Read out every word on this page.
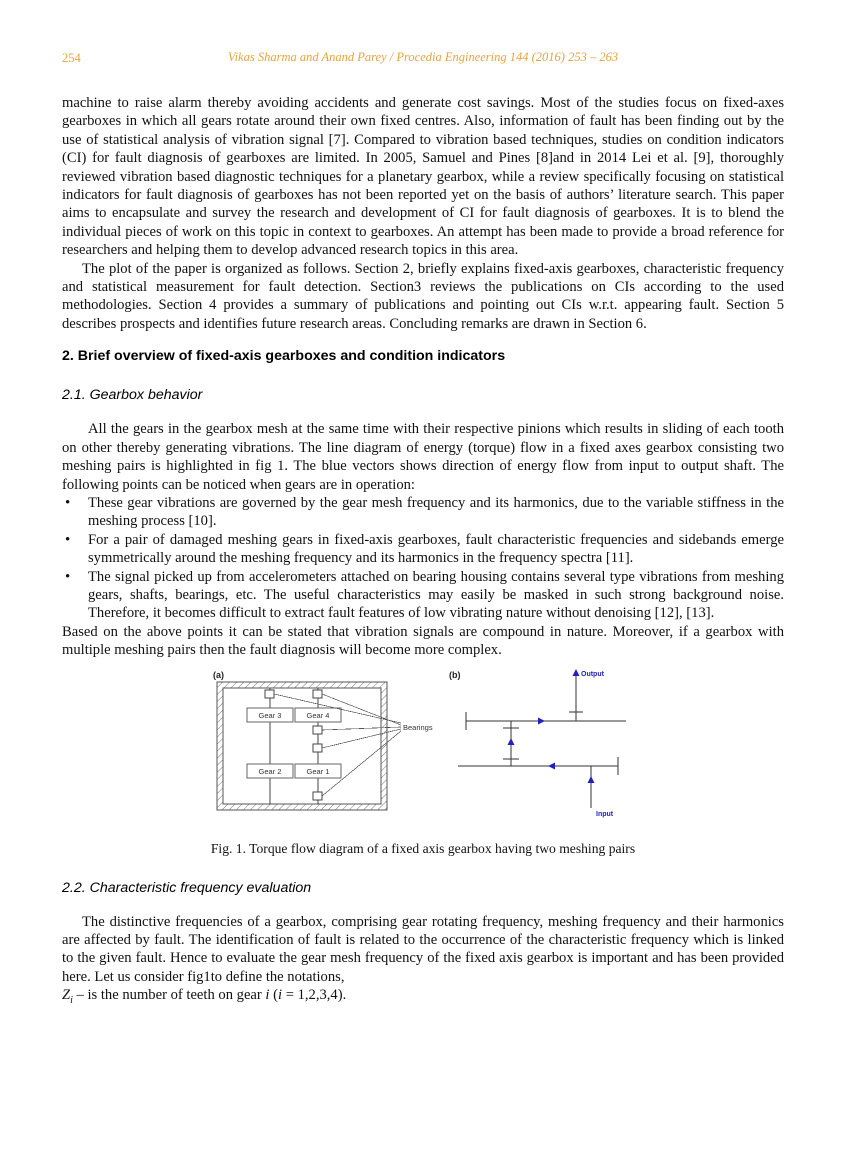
254	Vikas Sharma and Anand Parey / Procedia Engineering 144 (2016) 253 – 263

machine to raise alarm thereby avoiding accidents and generate cost savings. Most of the studies focus on fixed-axes gearboxes in which all gears rotate around their own fixed centres. Also, information of fault has been finding out by the use of statistical analysis of vibration signal [7]. Compared to vibration based techniques, studies on condition indicators (CI) for fault diagnosis of gearboxes are limited. In 2005, Samuel and Pines [8]and in 2014 Lei et al. [9], thoroughly reviewed vibration based diagnostic techniques for a planetary gearbox, while a review specifically focusing on statistical indicators for fault diagnosis of gearboxes has not been reported yet on the basis of authors’ literature search. This paper aims to encapsulate and survey the research and development of CI for fault diagnosis of gearboxes. It is to blend the individual pieces of work on this topic in context to gearboxes. An attempt has been made to provide a broad reference for researchers and helping them to develop advanced research topics in this area.

The plot of the paper is organized as follows. Section 2, briefly explains fixed-axis gearboxes, characteristic frequency and statistical measurement for fault detection. Section3 reviews the publications on CIs according to the used methodologies. Section 4 provides a summary of publications and pointing out CIs w.r.t. appearing fault. Section 5 describes prospects and identifies future research areas. Concluding remarks are drawn in Section 6.

2. Brief overview of fixed-axis gearboxes and condition indicators
2.1. Gearbox behavior

All the gears in the gearbox mesh at the same time with their respective pinions which results in sliding of each tooth on other thereby generating vibrations. The line diagram of energy (torque) flow in a fixed axes gearbox consisting two meshing pairs is highlighted in fig 1. The blue vectors shows direction of energy flow from input to output shaft. The following points can be noticed when gears are in operation:

• These gear vibrations are governed by the gear mesh frequency and its harmonics, due to the variable stiffness in the meshing process [10].
• For a pair of damaged meshing gears in fixed-axis gearboxes, fault characteristic frequencies and sidebands emerge symmetrically around the meshing frequency and its harmonics in the frequency spectra [11].
• The signal picked up from accelerometers attached on bearing housing contains several type vibrations from meshing gears, shafts, bearings, etc. The useful characteristics may easily be masked in such strong background noise. Therefore, it becomes difficult to extract fault features of low vibrating nature without denoising [12], [13].

Based on the above points it can be stated that vibration signals are compound in nature. Moreover, if a gearbox with multiple meshing pairs then the fault diagnosis will become more complex.

(a)
Gear 3	Gear 4
Gear 2	Gear 1
Bearings
(b)	Output
Input
Fig. 1. Torque flow diagram of a fixed axis gearbox having two meshing pairs
2.2. Characteristic frequency evaluation

The distinctive frequencies of a gearbox, comprising gear rotating frequency, meshing frequency and their harmonics are affected by fault. The identification of fault is related to the occurrence of the characteristic frequency which is linked to the given fault. Hence to evaluate the gear mesh frequency of the fixed axis gearbox is important and has been provided here. Let us consider fig1to define the notations,

$Z_i$ – is the number of teeth on gear i (i = 1,2,3,4).
